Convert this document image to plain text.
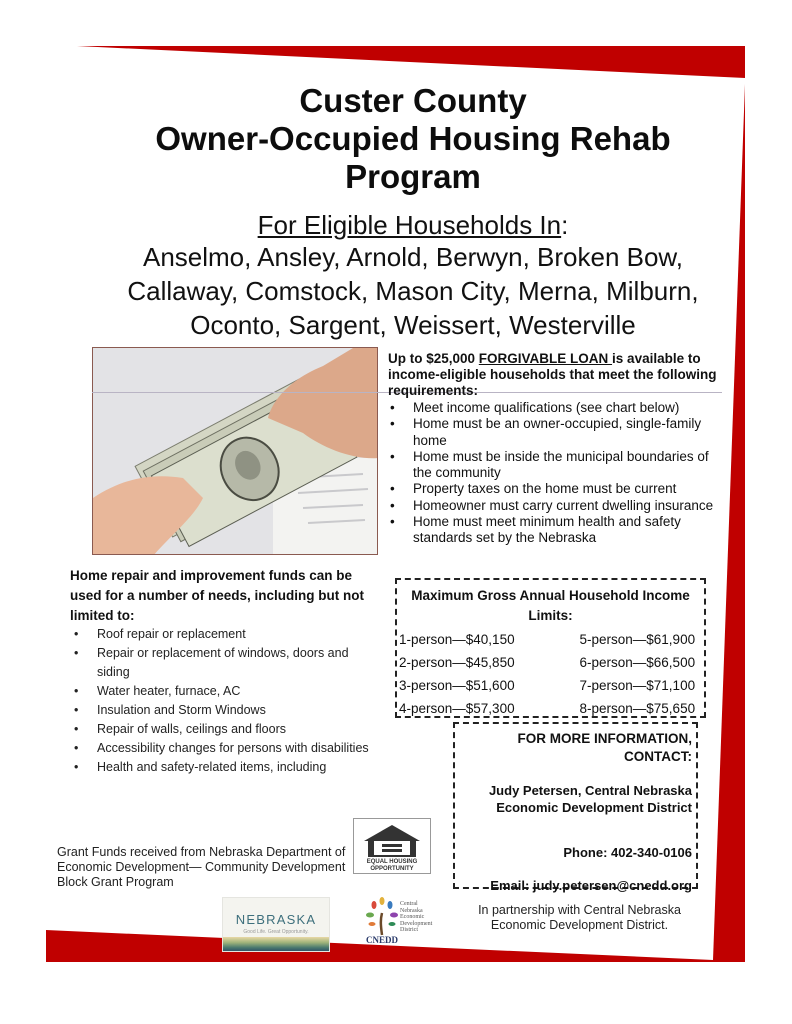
Custer County
Owner-Occupied Housing Rehab
Program
For Eligible Households In:
Anselmo, Ansley, Arnold, Berwyn, Broken Bow,
Callaway, Comstock, Mason City, Merna, Milburn,
Oconto, Sargent, Weissert, Westerville
Up to $25,000 FORGIVABLE LOAN is available to income-eligible households that meet the following requirements:
• Meet income qualifications (see chart below)
• Home must be an owner-occupied, single-family home
• Home must be inside the municipal boundaries of the community
• Property taxes on the home must be current
• Homeowner must carry current dwelling insurance
• Home must meet minimum health and safety standards set by the Nebraska
Maximum Gross Annual Household Income Limits:
1-person—$40,150	5-person—$61,900
2-person—$45,850	6-person—$66,500
3-person—$51,600	7-person—$71,100
4-person—$57,300	8-person—$75,650
FOR MORE INFORMATION,
CONTACT:
Judy Petersen, Central Nebraska
Economic Development District
Phone: 402-340-0106
Email: judy.petersen@cnedd.org
Home repair and improvement funds can be used for a number of needs, including but not limited to:
• Roof repair or replacement
• Repair or replacement of windows, doors and siding
• Water heater, furnace, AC
• Insulation and Storm Windows
• Repair of walls, ceilings and floors
• Accessibility changes for persons with disabilities
• Health and safety-related items, including
Grant Funds received from Nebraska Department of Economic Development— Community Development Block Grant Program
EQUAL HOUSING
OPPORTUNITY
NEBRASKA
Good Life. Great Opportunity.
Central
Nebraska
Economic
Development
District
CNEDD
In partnership with Central Nebraska Economic Development District.
